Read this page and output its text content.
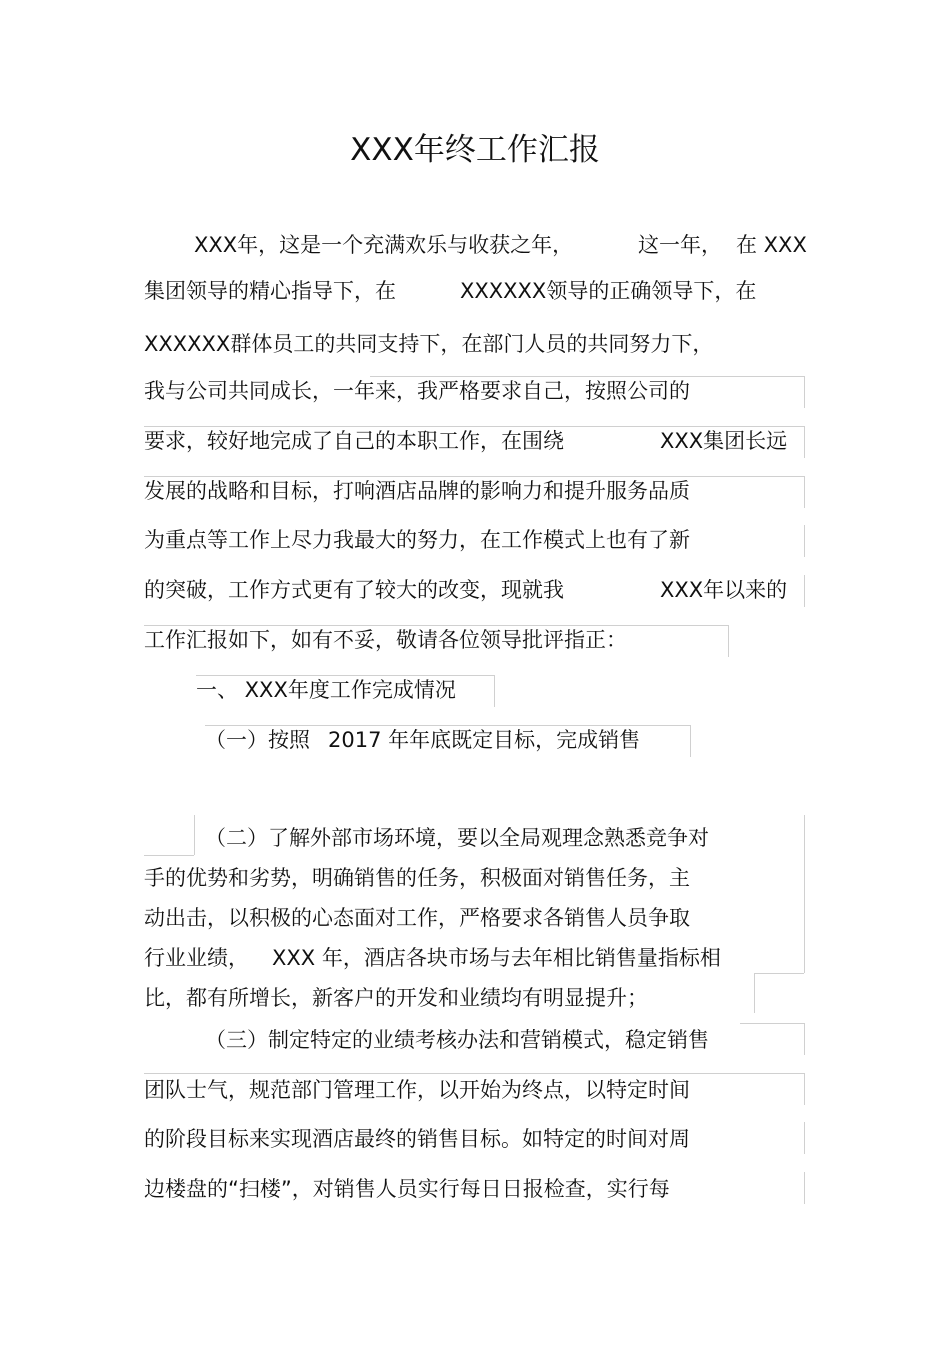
XXX年终工作汇报
XXX年，这是一个充满欢乐与收获之年，	这一年， 在 XXX
集团领导的精心指导下，在	XXXXXX领导的正确领导下，在
XXXXXX群体员工的共同支持下，在部门人员的共同努力下，
我与公司共同成长，一年来，我严格要求自己，按照公司的
要求，较好地完成了自己的本职工作，在围绕	XXX集团长远
发展的战略和目标，打响酒店品牌的影响力和提升服务品质
为重点等工作上尽力我最大的努力，在工作模式上也有了新
的突破，工作方式更有了较大的改变，现就我	XXX年以来的
工作汇报如下，如有不妥，敬请各位领导批评指正：
一、 XXX年度工作完成情况
（一）按照 2017 年年底既定目标，完成销售
（二）了解外部市场环境，要以全局观理念熟悉竞争对
手的优势和劣势，明确销售的任务，积极面对销售任务，主
动出击，以积极的心态面对工作，严格要求各销售人员争取
行业业绩， XXX 年，酒店各块市场与去年相比销售量指标相
比，都有所增长，新客户的开发和业绩均有明显提升；
（三）制定特定的业绩考核办法和营销模式，稳定销售
团队士气，规范部门管理工作，以开始为终点，以特定时间
的阶段目标来实现酒店最终的销售目标。如特定的时间对周
边楼盘的“扫楼”，对销售人员实行每日日报检查，实行每
